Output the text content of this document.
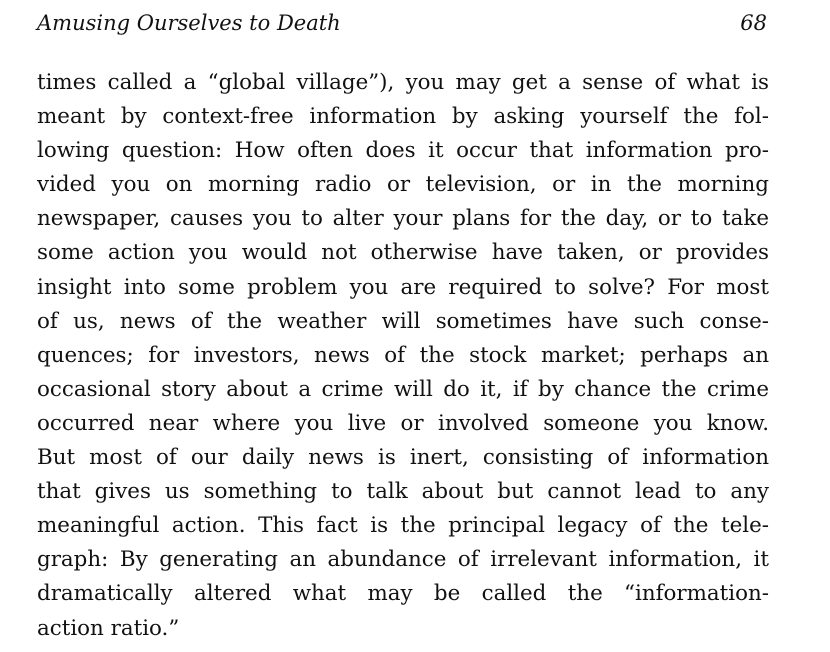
Amusing Ourselves to Death	68
times called a “global village”), you may get a sense of what is
meant by context-free information by asking yourself the fol-
lowing question: How often does it occur that information pro-
vided you on morning radio or television, or in the morning
newspaper, causes you to alter your plans for the day, or to take
some action you would not otherwise have taken, or provides
insight into some problem you are required to solve? For most
of us, news of the weather will sometimes have such conse-
quences; for investors, news of the stock market; perhaps an
occasional story about a crime will do it, if by chance the crime
occurred near where you live or involved someone you know.
But most of our daily news is inert, consisting of information
that gives us something to talk about but cannot lead to any
meaningful action. This fact is the principal legacy of the tele-
graph: By generating an abundance of irrelevant information, it
dramatically altered what may be called the “information-
action ratio.”
